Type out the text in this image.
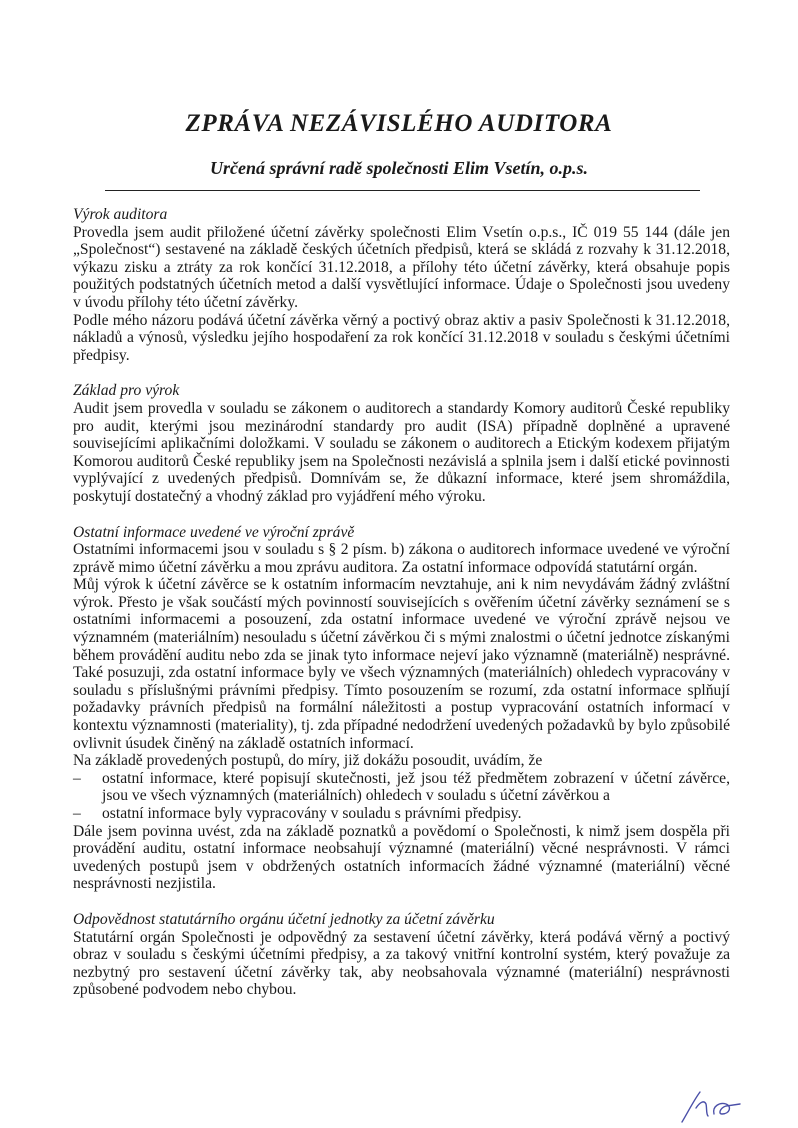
ZPRÁVA NEZÁVISLÉHO AUDITORA
Určená správní radě společnosti Elim Vsetín, o.p.s.
Výrok auditora

Provedla jsem audit přiložené účetní závěrky společnosti Elim Vsetín o.p.s., IČ 019 55 144 (dále jen „Společnost“) sestavené na základě českých účetních předpisů, která se skládá z rozvahy k 31.12.2018, výkazu zisku a ztráty za rok končící 31.12.2018, a přílohy této účetní závěrky, která obsahuje popis použitých podstatných účetních metod a další vysvětlující informace. Údaje o Společnosti jsou uvedeny v úvodu přílohy této účetní závěrky.

Podle mého názoru podává účetní závěrka věrný a poctivý obraz aktiv a pasiv Společnosti k 31.12.2018, nákladů a výnosů, výsledku jejího hospodaření za rok končící 31.12.2018 v souladu s českými účetními předpisy.

Základ pro výrok

Audit jsem provedla v souladu se zákonem o auditorech a standardy Komory auditorů České republiky pro audit, kterými jsou mezinárodní standardy pro audit (ISA) případně doplněné a upravené souvisejícími aplikačními doložkami. V souladu se zákonem o auditorech a Etickým kodexem přijatým Komorou auditorů České republiky jsem na Společnosti nezávislá a splnila jsem i další etické povinnosti vyplývající z uvedených předpisů. Domnívám se, že důkazní informace, které jsem shromáždila, poskytují dostatečný a vhodný základ pro vyjádření mého výroku.

Ostatní informace uvedené ve výroční zprávě

Ostatními informacemi jsou v souladu s § 2 písm. b) zákona o auditorech informace uvedené ve výroční zprávě mimo účetní závěrku a mou zprávu auditora. Za ostatní informace odpovídá statutární orgán.

Můj výrok k účetní závěrce se k ostatním informacím nevztahuje, ani k nim nevydávám žádný zvláštní výrok. Přesto je však součástí mých povinností souvisejících s ověřením účetní závěrky seznámení se s ostatními informacemi a posouzení, zda ostatní informace uvedené ve výroční zprávě nejsou ve významném (materiálním) nesouladu s účetní závěrkou či s mými znalostmi o účetní jednotce získanými během provádění auditu nebo zda se jinak tyto informace nejeví jako významně (materiálně) nesprávné. Také posuzuji, zda ostatní informace byly ve všech významných (materiálních) ohledech vypracovány v souladu s příslušnými právními předpisy. Tímto posouzením se rozumí, zda ostatní informace splňují požadavky právních předpisů na formální náležitosti a postup vypracování ostatních informací v kontextu významnosti (materiality), tj. zda případné nedodržení uvedených požadavků by bylo způsobilé ovlivnit úsudek činěný na základě ostatních informací.

Na základě provedených postupů, do míry, již dokážu posoudit, uvádím, že

– ostatní informace, které popisují skutečnosti, jež jsou též předmětem zobrazení v účetní závěrce, jsou ve všech významných (materiálních) ohledech v souladu s účetní závěrkou a
– ostatní informace byly vypracovány v souladu s právními předpisy.

Dále jsem povinna uvést, zda na základě poznatků a povědomí o Společnosti, k nimž jsem dospěla při provádění auditu, ostatní informace neobsahují významné (materiální) věcné nesprávnosti. V rámci uvedených postupů jsem v obdržených ostatních informacích žádné významné (materiální) věcné nesprávnosti nezjistila.

Odpovědnost statutárního orgánu účetní jednotky za účetní závěrku

Statutární orgán Společnosti je odpovědný za sestavení účetní závěrky, která podává věrný a poctivý obraz v souladu s českými účetními předpisy, a za takový vnitřní kontrolní systém, který považuje za nezbytný pro sestavení účetní závěrky tak, aby neobsahovala významné (materiální) nesprávnosti způsobené podvodem nebo chybou.
